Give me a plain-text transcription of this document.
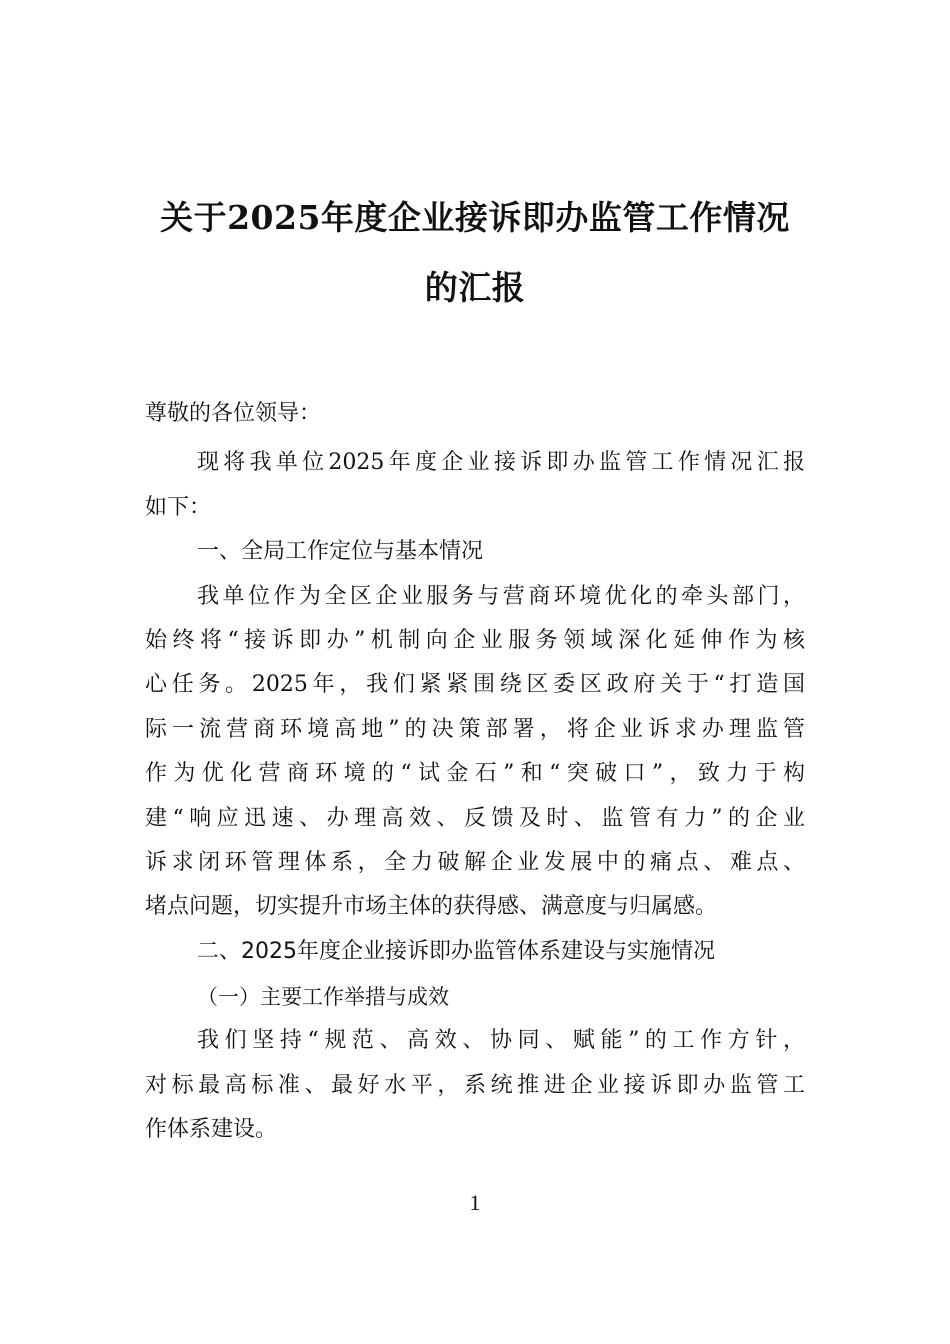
关于2025年度企业接诉即办监管工作情况
的汇报
尊敬的各位领导：
现将我单位2025年度企业接诉即办监管工作情况汇报
如下：
一、全局工作定位与基本情况
我单位作为全区企业服务与营商环境优化的牵头部门，
始终将“接诉即办”机制向企业服务领域深化延伸作为核
心任务。2025年，我们紧紧围绕区委区政府关于“打造国
际一流营商环境高地”的决策部署，将企业诉求办理监管
作为优化营商环境的“试金石”和“突破口”，致力于构
建“响应迅速、办理高效、反馈及时、监管有力”的企业
诉求闭环管理体系，全力破解企业发展中的痛点、难点、
堵点问题，切实提升市场主体的获得感、满意度与归属感。
二、2025年度企业接诉即办监管体系建设与实施情况
（一）主要工作举措与成效
我们坚持“规范、高效、协同、赋能”的工作方针，
对标最高标准、最好水平，系统推进企业接诉即办监管工
作体系建设。
1
